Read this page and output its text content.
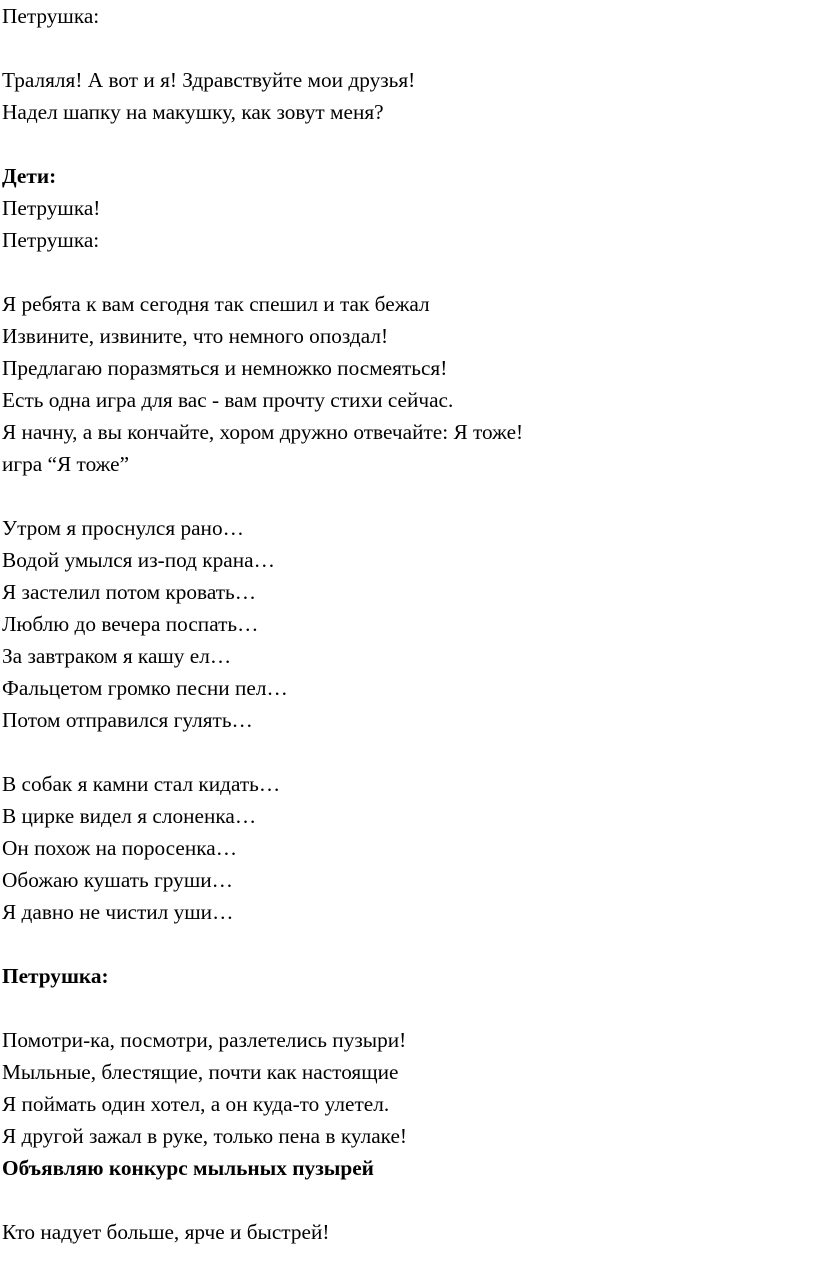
Петрушка:
Траляля! А вот и я! Здравствуйте мои друзья!
Надел шапку на макушку, как зовут меня?
Дети:
Петрушка!
Петрушка:
Я ребята к вам сегодня так спешил и так бежал
Извините, извините, что немного опоздал!
Предлагаю поразмяться и немножко посмеяться!
Есть одна игра для вас - вам прочту стихи сейчас.
Я начну, а вы кончайте, хором дружно отвечайте: Я тоже!
игра “Я тоже”
Утром я проснулся рано…
Водой умылся из-под крана…
Я застелил потом кровать…
Люблю до вечера поспать…
За завтраком я кашу ел…
Фальцетом громко песни пел…
Потом отправился гулять…
В собак я камни стал кидать…
В цирке видел я слоненка…
Он похож на поросенка…
Обожаю кушать груши…
Я давно не чистил уши…
Петрушка:
Помотри-ка, посмотри, разлетелись пузыри!
Мыльные, блестящие, почти как настоящие
Я поймать один хотел, а он куда-то улетел.
Я другой зажал в руке, только пена в кулаке!
Объявляю конкурс мыльных пузырей
Кто надует больше, ярче и быстрей!
